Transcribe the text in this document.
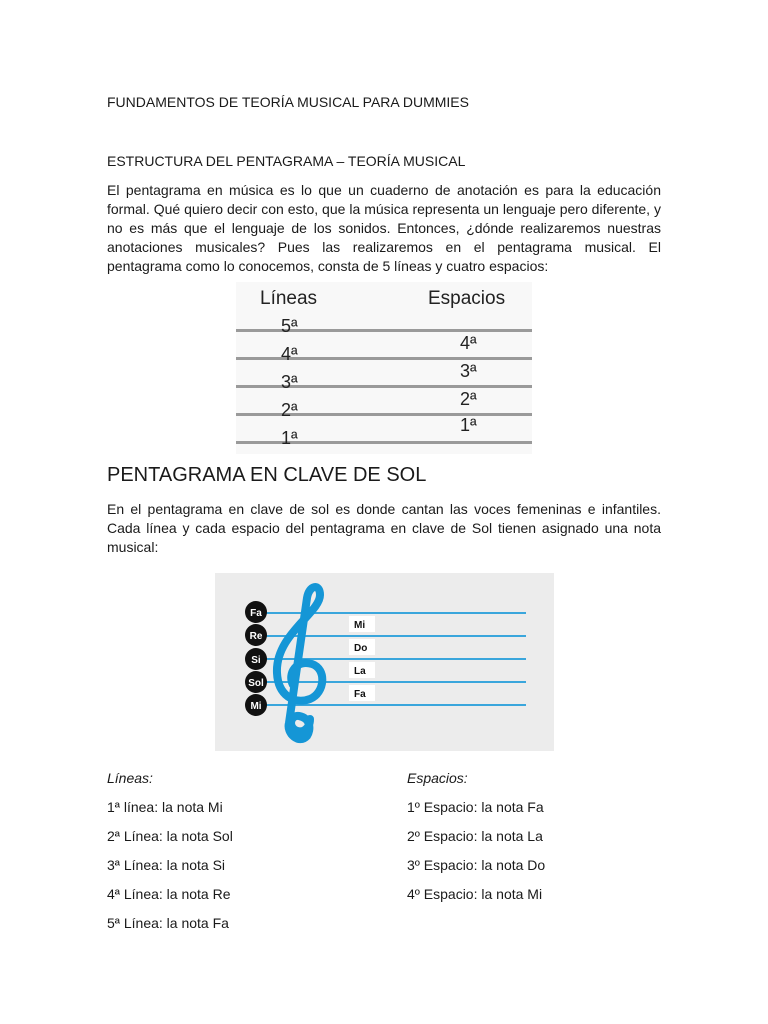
FUNDAMENTOS DE TEORÍA MUSICAL PARA DUMMIES
ESTRUCTURA DEL PENTAGRAMA – TEORÍA MUSICAL
El pentagrama en música es lo que un cuaderno de anotación es para la educación formal. Qué quiero decir con esto, que la música representa un lenguaje pero diferente, y no es más que el lenguaje de los sonidos. Entonces, ¿dónde realizaremos nuestras anotaciones musicales? Pues las realizaremos en el pentagrama musical. El pentagrama como lo conocemos, consta de 5 líneas y cuatro espacios:
Líneas	Espacios
5ª
4ª
3ª
2ª
1ª
4ª
3ª
2ª
1ª
PENTAGRAMA EN CLAVE DE SOL
En el pentagrama en clave de sol es donde cantan las voces femeninas e infantiles. Cada línea y cada espacio del pentagrama en clave de Sol tienen asignado una nota musical:
Fa
Re
Si
Sol
Mi
Mi
Do
La
Fa
Líneas:
1ª línea: la nota Mi
2ª Línea: la nota Sol
3ª Línea: la nota Si
4ª Línea: la nota Re
5ª Línea: la nota Fa
Espacios:
1º Espacio: la nota Fa
2º Espacio: la nota La
3º Espacio: la nota Do
4º Espacio: la nota Mi
